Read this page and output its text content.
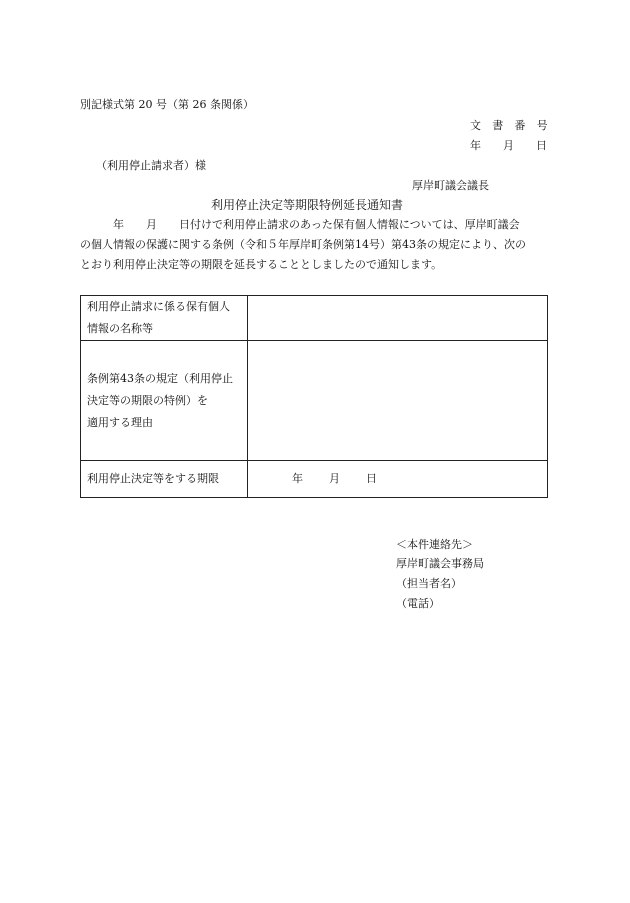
別記様式第 20 号（第 26 条関係）
文 書 番 号
年　　月　　日
（利用停止請求者）様
厚岸町議会議長
利用停止決定等期限特例延長通知書
　　　年　　月　　日付けで利用停止請求のあった保有個人情報については、厚岸町議会
の個人情報の保護に関する条例（令和５年厚岸町条例第14号）第43条の規定により、次の
とおり利用停止決定等の期限を延長することとしましたので通知します。
利用停止請求に係る保有個人
情報の名称等	

条例第43条の規定（利用停止
決定等の期限の特例）を
適用する理由	

利用停止決定等をする期限	年 月 日
＜本件連絡先＞
厚岸町議会事務局
（担当者名）
（電話）
